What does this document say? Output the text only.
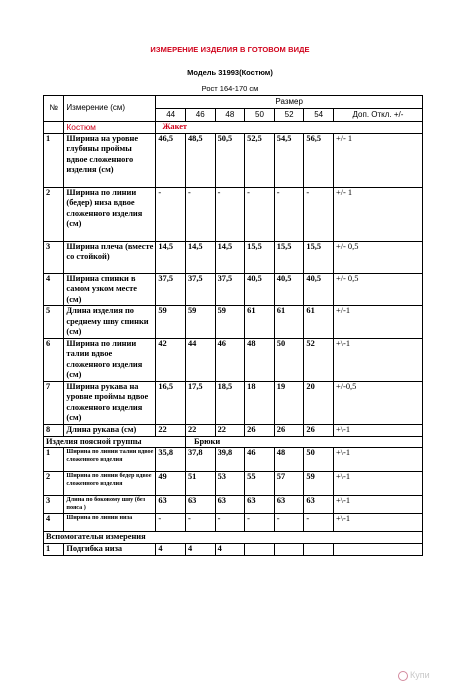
ИЗМЕРЕНИЕ ИЗДЕЛИЯ В ГОТОВОМ ВИДЕ
Модель 31993(Костюм)
Рост 164-170 см
№	Измерение (см)	Размер						
		44	46	48	50	52	54	Доп. Откл. +/-
	Костюм	Жакет						
1	Ширина на уровне глубины проймы вдвое сложенного изделия (см)	46,5	48,5	50,5	52,5	54,5	56,5	+/- 1
2	Ширина по линии (бедер) низа вдвое сложенного изделия (см)	-	-	-	-	-	-	+/- 1
3	Ширина плеча (вместе со стойкой)	14,5	14,5	14,5	15,5	15,5	15,5	+/- 0,5
4	Ширина спинки в самом узком месте (см)	37,5	37,5	37,5	40,5	40,5	40,5	+/- 0,5
5	Длина изделия по среднему шву спинки (см)	59	59	59	61	61	61	+/-1
6	Ширина по линии талии вдвое сложенного изделия (см)	42	44	46	48	50	52	+\-1
7	Ширина рукава на уровне проймы вдвое сложенного изделия (см)	16,5	17,5	18,5	18	19	20	+/-0,5
8	Длина рукава (см)	22	22	22	26	26	26	+\-1
Изделия поясной группы			Брюки					
1	Ширина по линии талии вдвое сложенного изделия	35,8	37,8	39,8	46	48	50	+\-1
2	Ширина по линии бедер вдвое сложенного изделия	49	51	53	55	57	59	+\-1
3	Длина по боковому шву (без пояса )	63	63	63	63	63	63	+\-1
4	Ширина по линии низа	-	-	-	-	-	-	+\-1
Вспомогательн измерения								
1	Подгибка низа	4	4	4				
Купи
